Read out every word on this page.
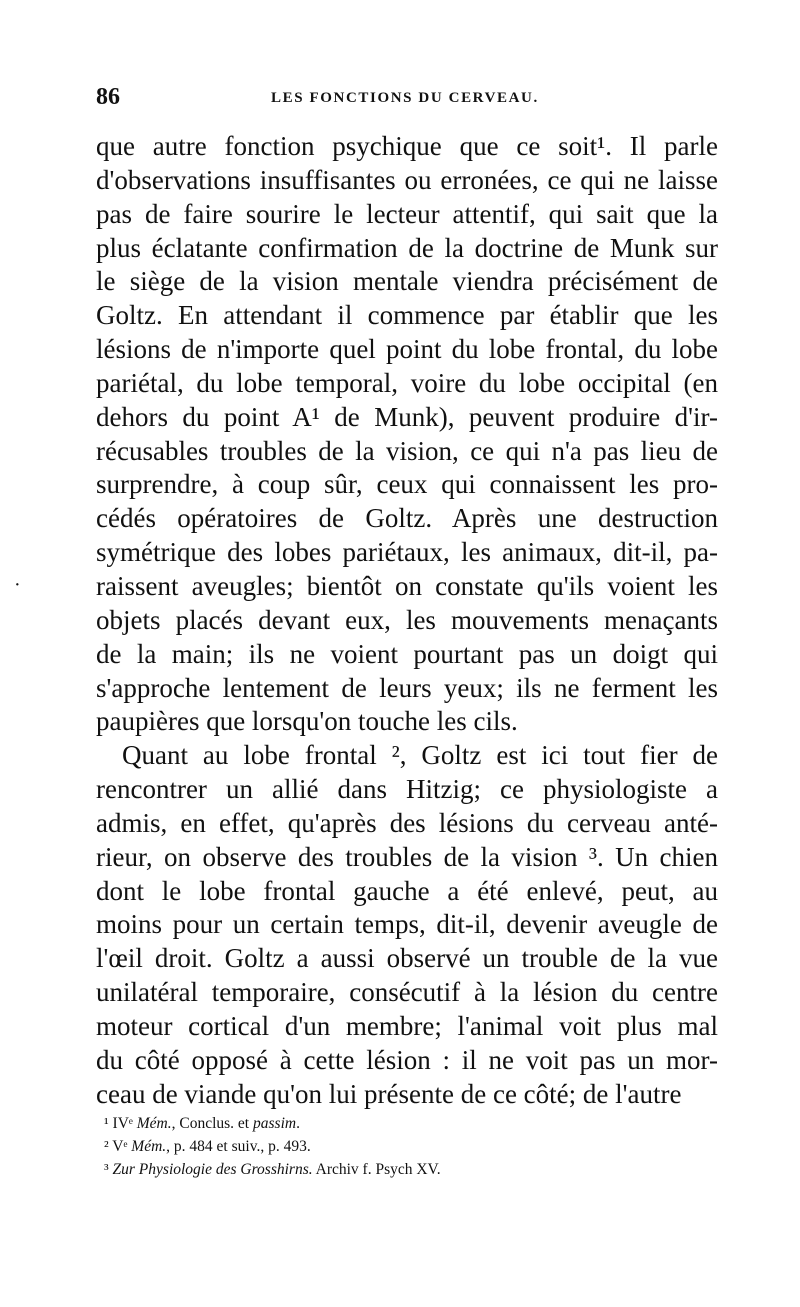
86	LES FONCTIONS DU CERVEAU.
·
que autre fonction psychique que ce soit¹. Il parle
d'observations insuffisantes ou erronées, ce qui ne laisse
pas de faire sourire le lecteur attentif, qui sait que la
plus éclatante confirmation de la doctrine de Munk sur
le siège de la vision mentale viendra précisément de
Goltz. En attendant il commence par établir que les
lésions de n'importe quel point du lobe frontal, du lobe
pariétal, du lobe temporal, voire du lobe occipital (en
dehors du point A¹ de Munk), peuvent produire d'ir-
récusables troubles de la vision, ce qui n'a pas lieu de
surprendre, à coup sûr, ceux qui connaissent les pro-
cédés opératoires de Goltz. Après une destruction
symétrique des lobes pariétaux, les animaux, dit-il, pa-
raissent aveugles; bientôt on constate qu'ils voient les
objets placés devant eux, les mouvements menaçants
de la main; ils ne voient pourtant pas un doigt qui
s'approche lentement de leurs yeux; ils ne ferment les
paupières que lorsqu'on touche les cils.
Quant au lobe frontal ², Goltz est ici tout fier de
rencontrer un allié dans Hitzig; ce physiologiste a
admis, en effet, qu'après des lésions du cerveau anté-
rieur, on observe des troubles de la vision ³. Un chien
dont le lobe frontal gauche a été enlevé, peut, au
moins pour un certain temps, dit-il, devenir aveugle de
l'œil droit. Goltz a aussi observé un trouble de la vue
unilatéral temporaire, consécutif à la lésion du centre
moteur cortical d'un membre; l'animal voit plus mal
du côté opposé à cette lésion : il ne voit pas un mor-
ceau de viande qu'on lui présente de ce côté; de l'autre
¹ IVᵉ Mém., Conclus. et passim.
² Vᵉ Mém., p. 484 et suiv., p. 493.
³ Zur Physiologie des Grosshirns. Archiv f. Psych XV.
